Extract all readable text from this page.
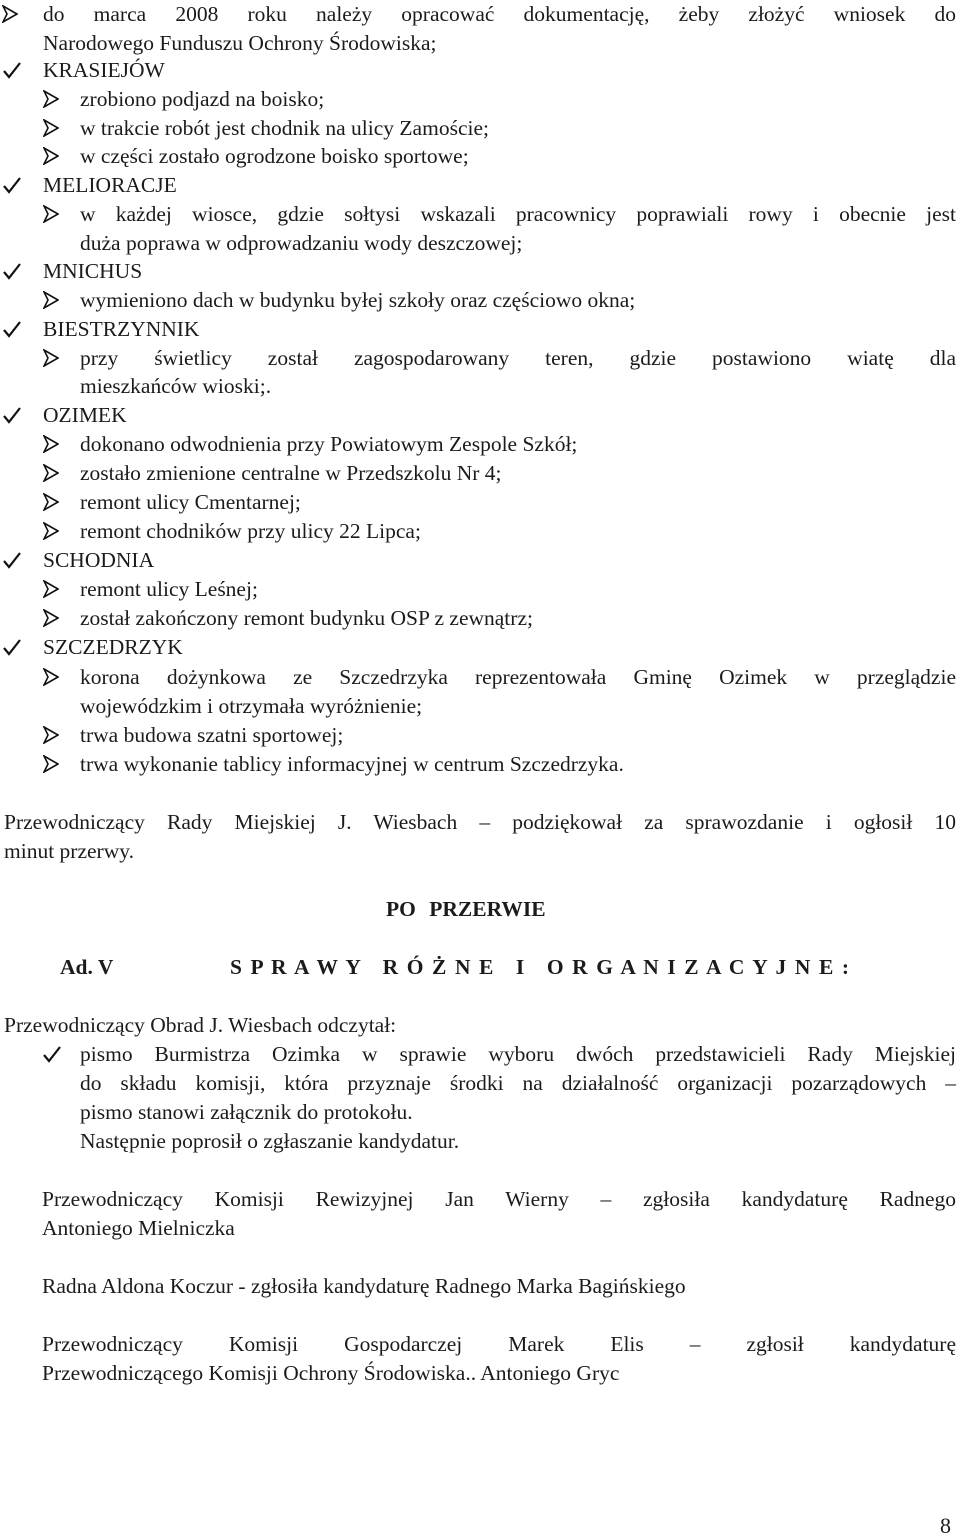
do marca 2008 roku należy opracować dokumentację, żeby złożyć wniosek do
Narodowego Funduszu Ochrony Środowiska;
KRASIEJÓW
zrobiono podjazd na boisko;
w trakcie robót jest chodnik na ulicy Zamoście;
w części zostało ogrodzone boisko sportowe;
MELIORACJE
w każdej wiosce, gdzie sołtysi wskazali pracownicy poprawiali rowy i obecnie jest
duża poprawa w odprowadzaniu wody deszczowej;
MNICHUS
wymieniono dach w budynku byłej szkoły oraz częściowo okna;
BIESTRZYNNIK
przy świetlicy został zagospodarowany teren, gdzie postawiono wiatę dla
mieszkańców wioski;.
OZIMEK
dokonano odwodnienia przy Powiatowym Zespole Szkół;
zostało zmienione centralne w Przedszkolu Nr 4;
remont ulicy Cmentarnej;
remont chodników przy ulicy 22 Lipca;
SCHODNIA
remont ulicy Leśnej;
został zakończony remont budynku OSP z zewnątrz;
SZCZEDRZYK
korona dożynkowa ze Szczedrzyka reprezentowała Gminę Ozimek w przeglądzie
wojewódzkim i otrzymała wyróżnienie;
trwa budowa szatni sportowej;
trwa wykonanie tablicy informacyjnej w centrum Szczedrzyka.
Przewodniczący Rady Miejskiej J. Wiesbach – podziękował za sprawozdanie i ogłosił 10
minut przerwy.
PO PRZERWIE
Ad. V	S P R A W Y   R Ó Ż N E   I   O R G A N I Z A C Y J N E :
Przewodniczący Obrad J. Wiesbach odczytał:
pismo Burmistrza Ozimka w sprawie wyboru dwóch przedstawicieli Rady Miejskiej
do składu komisji, która przyznaje środki na działalność organizacji pozarządowych –
pismo stanowi załącznik do protokołu.
Następnie poprosił o zgłaszanie kandydatur.
Przewodniczący Komisji Rewizyjnej Jan Wierny – zgłosiła kandydaturę Radnego
Antoniego Mielniczka
Radna Aldona Koczur - zgłosiła kandydaturę Radnego Marka Bagińskiego
Przewodniczący Komisji Gospodarczej Marek Elis – zgłosił kandydaturę
Przewodniczącego Komisji Ochrony Środowiska.. Antoniego Gryc
8
